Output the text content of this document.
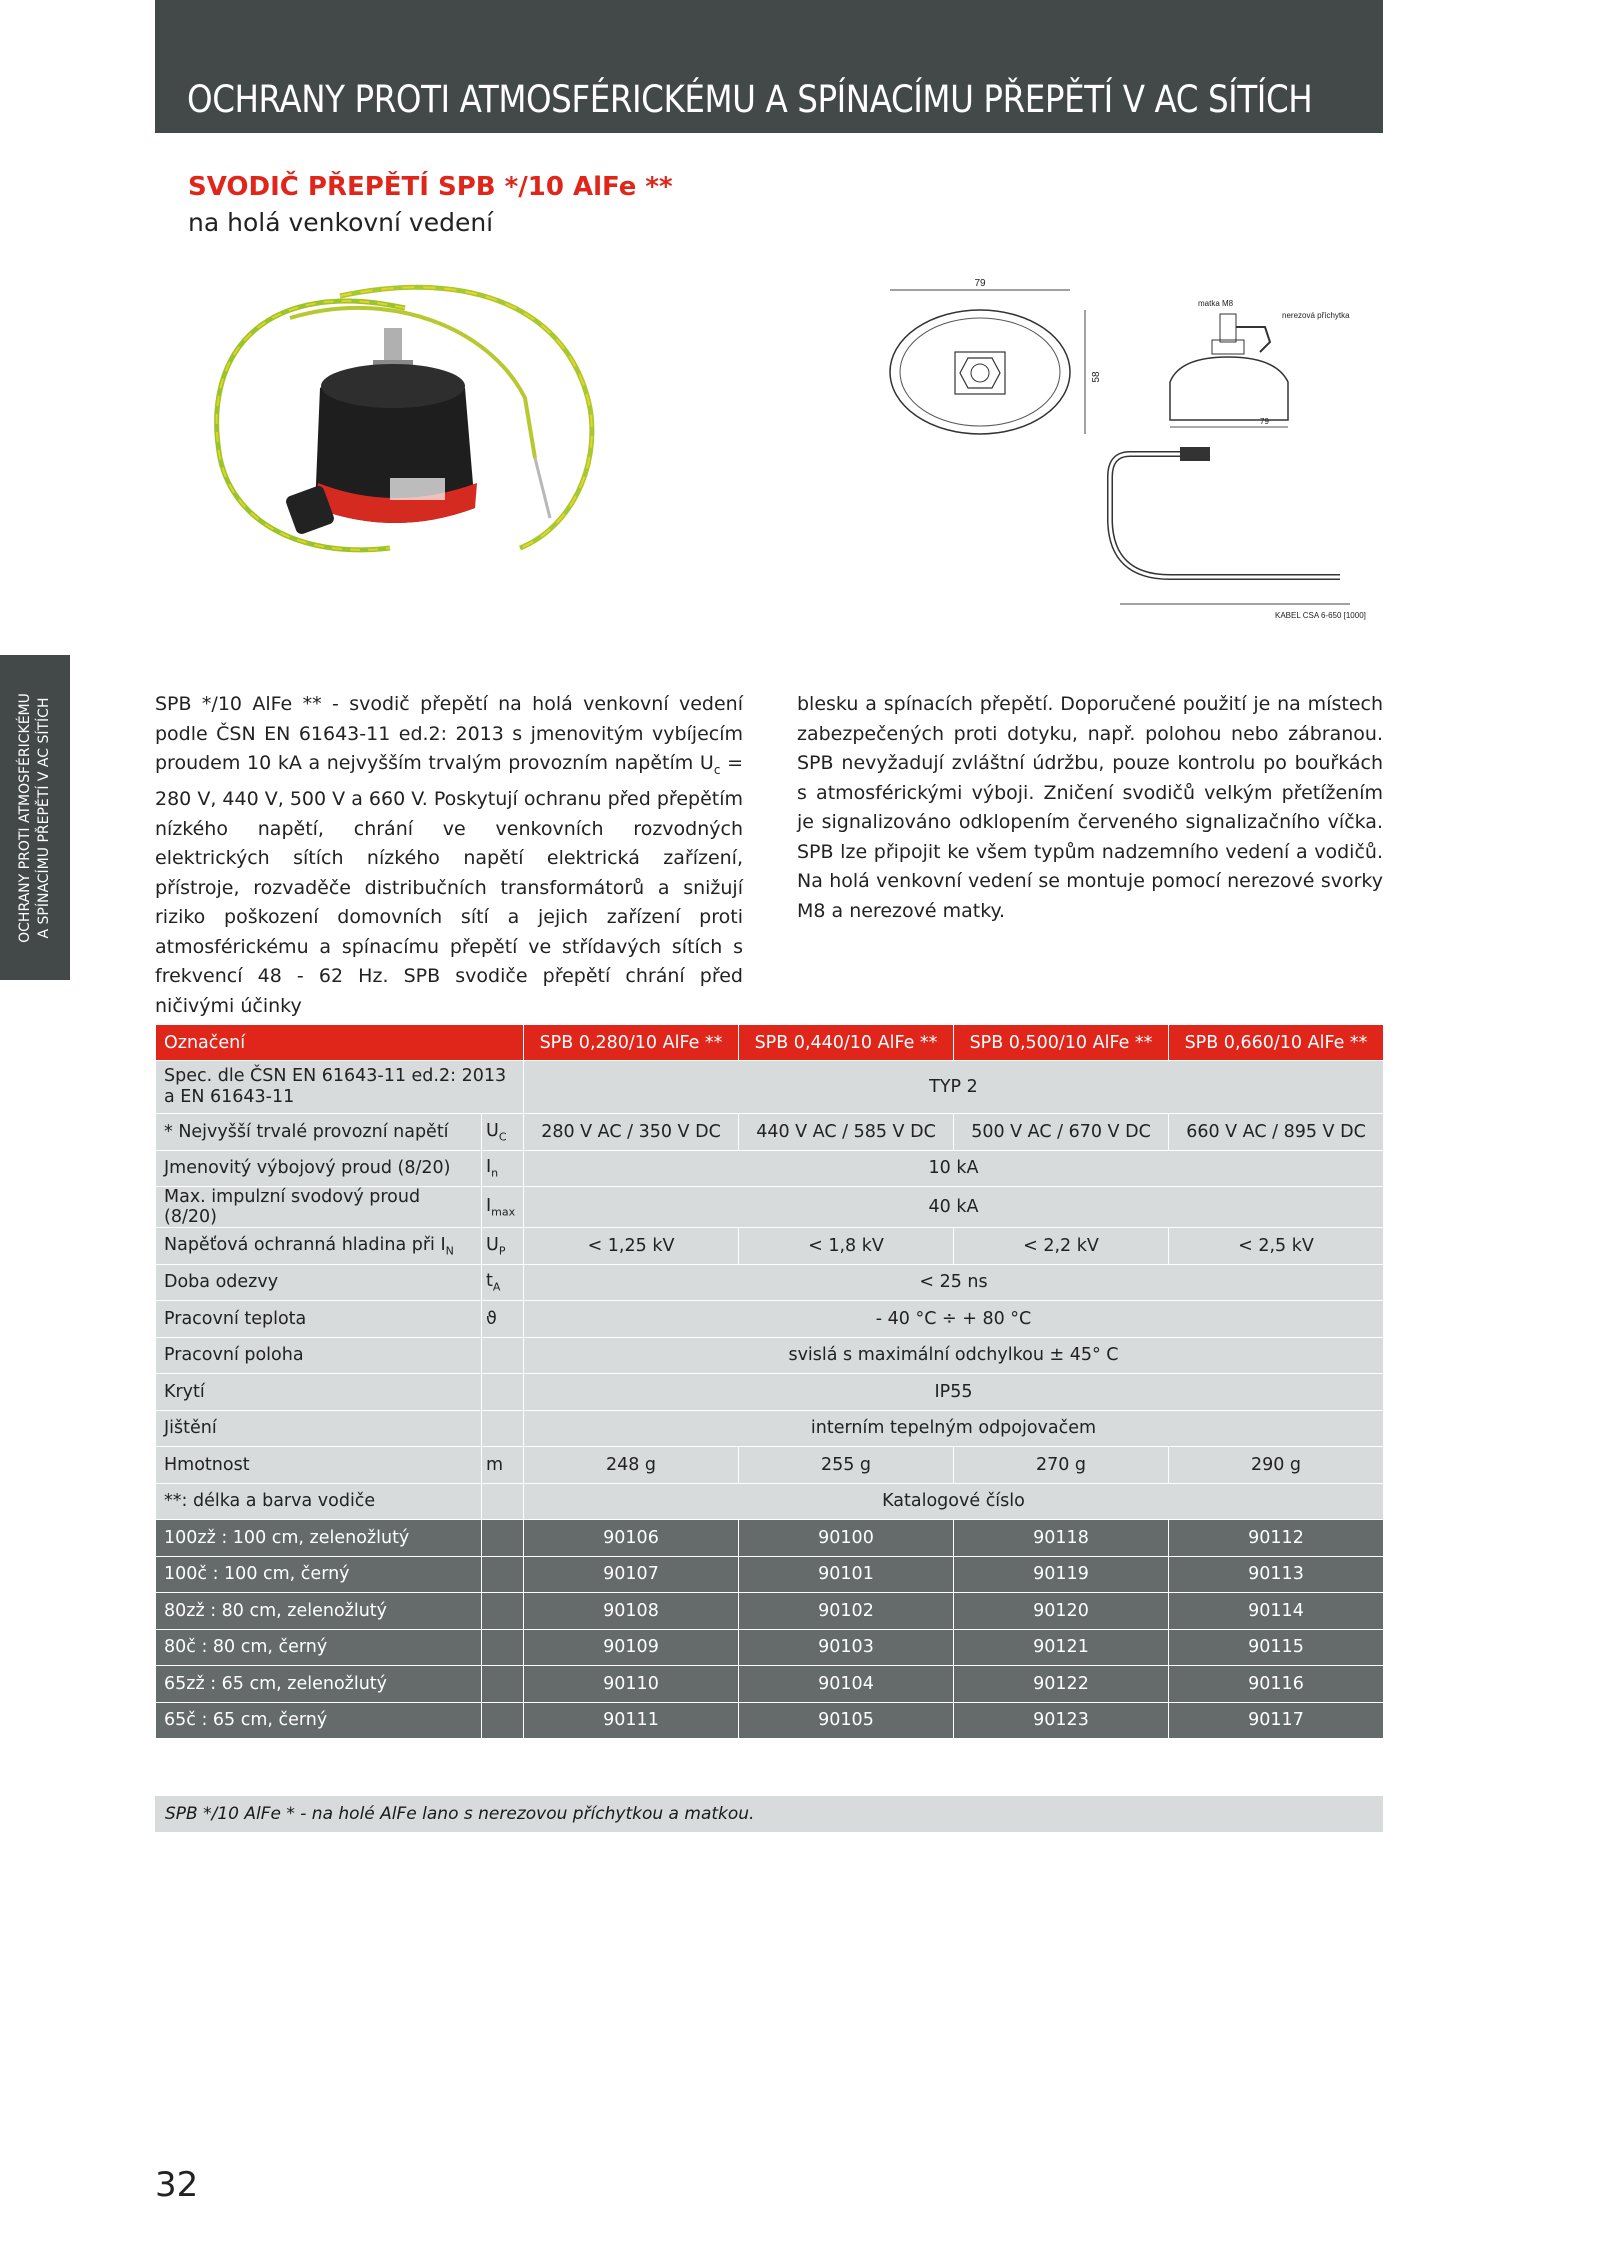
OCHRANY PROTI ATMOSFÉRICKÉMU A SPÍNACÍMU PŘEPĚTÍ V AC SÍTÍCH
SVODIČ PŘEPĚTÍ SPB */10 AlFe **
na holá venkovní vedení
OCHRANY PROTI ATMOSFÉRICKÉMU A SPÍNACÍMU PŘEPĚTÍ V AC SÍTÍCH
79
58
matka M8
nerezová příchytka
79
KABEL CSA 6-650 [1000]
SPB */10 AlFe ** - svodič přepětí na holá venkovní vedení podle ČSN EN 61643-11 ed.2: 2013 s jmenovitým vybíjecím proudem 10 kA a nejvyšším trvalým provozním napětím $U_c = 280$ V, 440 V, 500 V a 660 V. Poskytují ochranu před přepětím nízkého napětí, chrání ve venkovních rozvodných elektrických sítích nízkého napětí elektrická zařízení, přístroje, rozvaděče distribučních transformátorů a snižují riziko poškození domovních sítí a jejich zařízení proti atmosférickému a spínacímu přepětí ve střídavých sítích s frekvencí 48 - 62 Hz. SPB svodiče přepětí chrání před ničivými účinky
blesku a spínacích přepětí. Doporučené použití je na místech zabezpečených proti dotyku, např. polohou nebo zábranou. SPB nevyžadují zvláštní údržbu, pouze kontrolu po bouřkách s atmosférickými výboji. Zničení svodičů velkým přetížením je signalizováno odklopením červeného signalizačního víčka. SPB lze připojit ke všem typům nadzemního vedení a vodičů. Na holá venkovní vedení se montuje pomocí nerezové svorky M8 a nerezové matky.
Označení		SPB 0,280/10 AlFe **	SPB 0,440/10 AlFe **	SPB 0,500/10 AlFe **	SPB 0,660/10 AlFe **
Spec. dle ČSN EN 61643-11 ed.2: 2013 a EN 61643-11		TYP 2			
* Nejvyšší trvalé provozní napětí	$U_C$	280 V AC / 350 V DC	440 V AC / 585 V DC	500 V AC / 670 V DC	660 V AC / 895 V DC
Jmenovitý výbojový proud (8/20)	$I_n$	10 kA			
Max. impulzní svodový proud (8/20)	$I_{max}$	40 kA			
Napěťová ochranná hladina při $I_N$	$U_P$	< 1,25 kV	< 1,8 kV	< 2,2 kV	< 2,5 kV
Doba odezvy	$t_A$	< 25 ns			
Pracovní teplota	ϑ	- 40 °C ÷ + 80 °C			
Pracovní poloha		svislá s maximální odchylkou ± 45° C			
Krytí		IP55			
Jištění		interním tepelným odpojovačem			
Hmotnost	m	248 g	255 g	270 g	290 g
**: délka a barva vodiče		Katalogové číslo			
100zž : 100 cm, zelenožlutý		90106	90100	90118	90112
100č : 100 cm, černý		90107	90101	90119	90113
80zž : 80 cm, zelenožlutý		90108	90102	90120	90114
80č : 80 cm, černý		90109	90103	90121	90115
65zž : 65 cm, zelenožlutý		90110	90104	90122	90116
65č : 65 cm, černý		90111	90105	90123	90117
SPB */10 AlFe * - na holé AlFe lano s nerezovou příchytkou a matkou.
32
